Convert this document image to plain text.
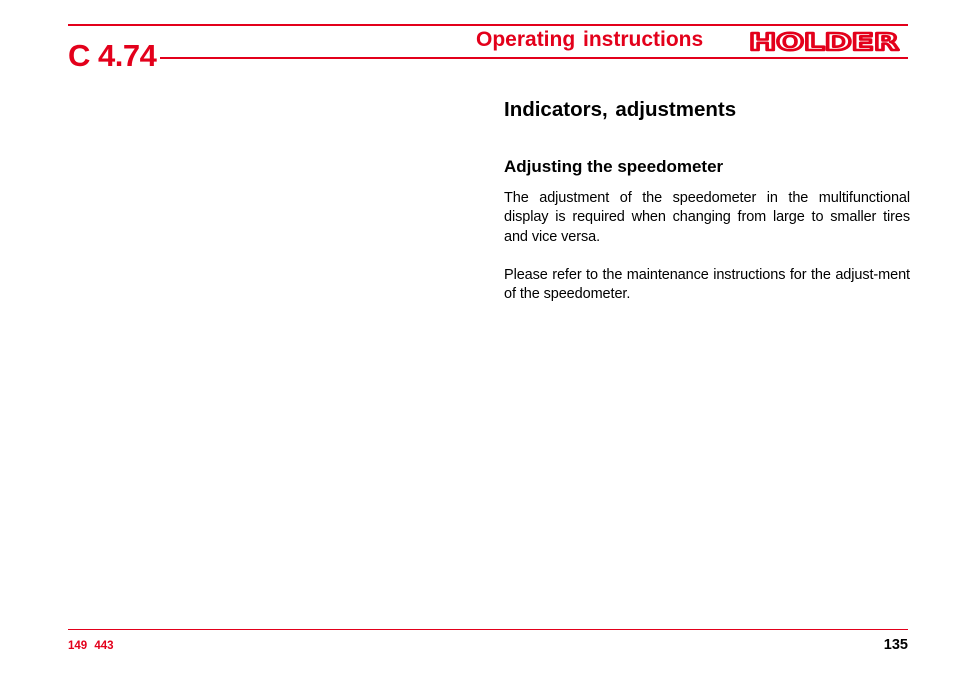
C 4.74	Operating instructions HOLDER
Indicators, adjustments
Adjusting the speedometer

The adjustment of the speedometer in the multifunctional display is required when changing from large to smaller tires and vice versa.

Please refer to the maintenance instructions for the adjust-ment of the speedometer.

149 443	135
